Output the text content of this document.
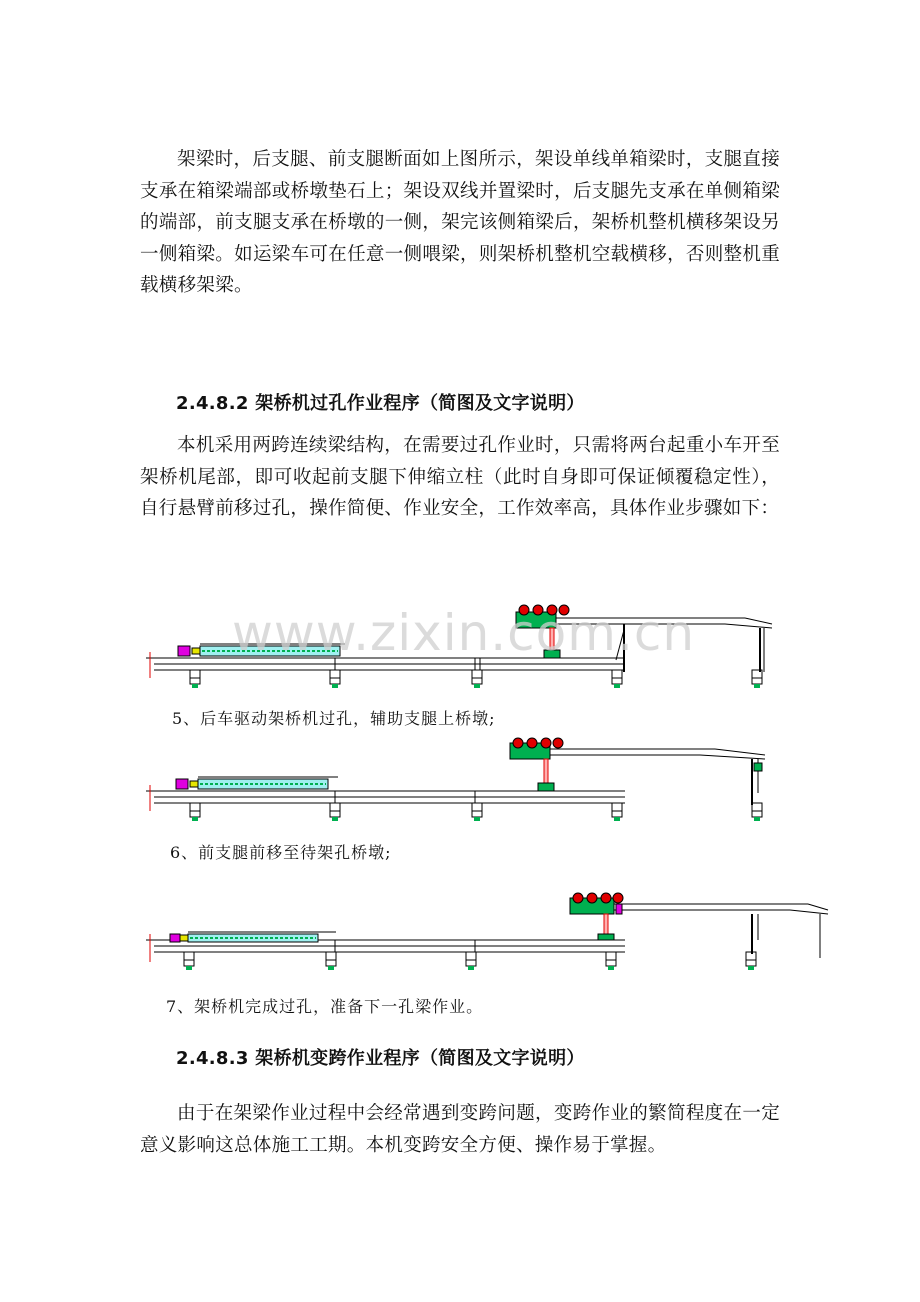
架梁时，后支腿、前支腿断面如上图所示，架设单线单箱梁时，支腿直接支承在箱梁端部或桥墩垫石上；架设双线并置梁时，后支腿先支承在单侧箱梁的端部，前支腿支承在桥墩的一侧，架完该侧箱梁后，架桥机整机横移架设另一侧箱梁。如运梁车可在任意一侧喂梁，则架桥机整机空载横移，否则整机重载横移架梁。

2.4.8.2 架桥机过孔作业程序（简图及文字说明）

本机采用两跨连续梁结构，在需要过孔作业时，只需将两台起重小车开至架桥机尾部，即可收起前支腿下伸缩立柱（此时自身即可保证倾覆稳定性），自行悬臂前移过孔，操作简便、作业安全，工作效率高，具体作业步骤如下：

5、后车驱动架桥机过孔，辅助支腿上桥墩;

6、前支腿前移至待架孔桥墩;

7、架桥机完成过孔，准备下一孔梁作业。

2.4.8.3 架桥机变跨作业程序（简图及文字说明）

由于在架梁作业过程中会经常遇到变跨问题，变跨作业的繁简程度在一定意义影响这总体施工工期。本机变跨安全方便、操作易于掌握。

www.zixin.com.cn
